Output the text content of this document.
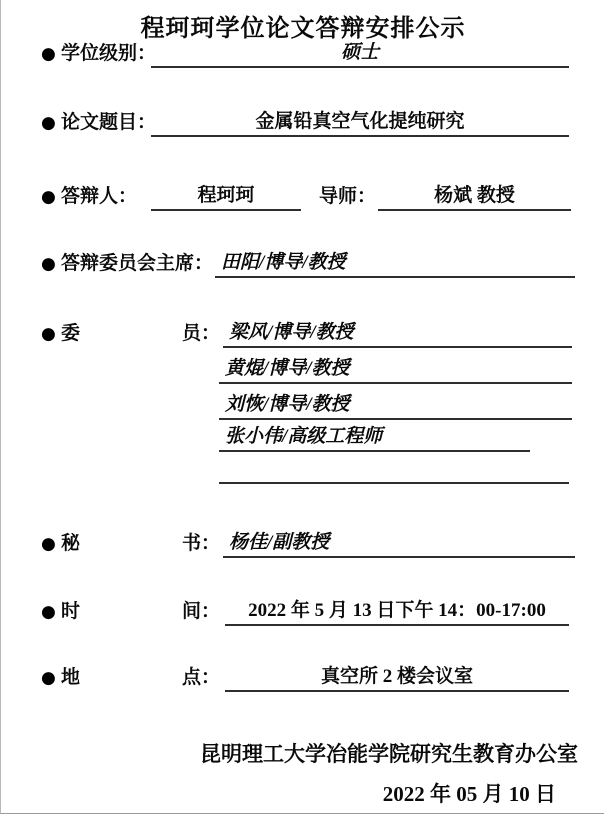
程珂珂学位论文答辩安排公示
● 学位级别：	硕士
● 论文题目：	金属铅真空气化提纯研究
● 答辩人：	程珂珂	导师：	杨斌 教授
● 答辩委员会主席： 田阳/博导/教授
● 委	员： 梁风/博导/教授
黄焜/博导/教授
刘恢/博导/教授
张小伟/高级工程师
● 秘	书： 杨佳/副教授
● 时	间：	2022 年 5 月 13 日下午 14：00-17:00
● 地	点：	真空所 2 楼会议室
昆明理工大学冶能学院研究生教育办公室
2022 年 05 月 10 日
